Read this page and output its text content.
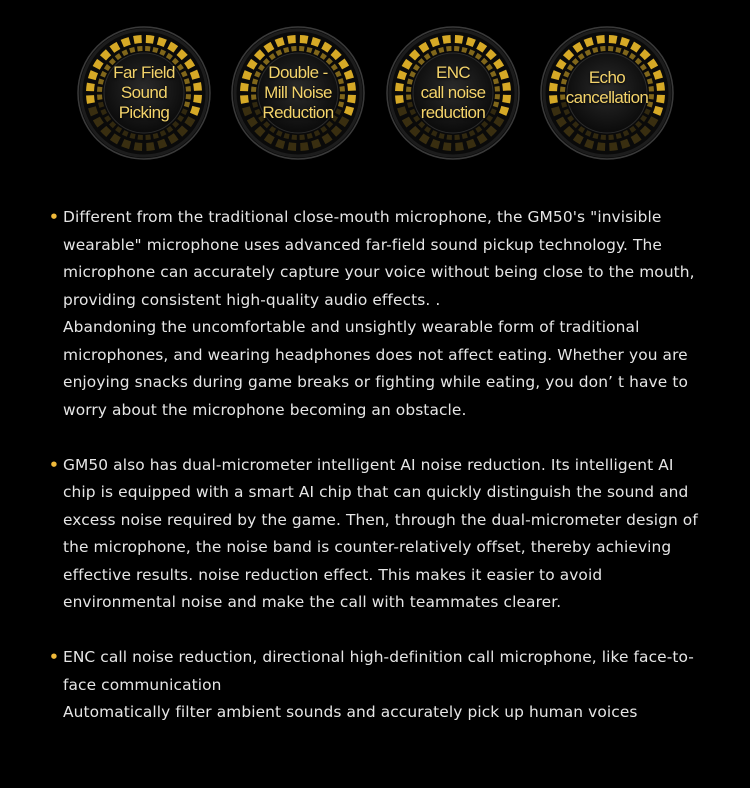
Far Field
Sound
Picking
Double -
Mill Noise
Reduction
ENC
call noise
reduction
Echo
cancellation
• Different from the traditional close-mouth microphone, the GM50's "invisible wearable" microphone uses advanced far-field sound pickup technology. The microphone can accurately capture your voice without being close to the mouth, providing consistent high-quality audio effects. .
Abandoning the uncomfortable and unsightly wearable form of traditional microphones, and wearing headphones does not affect eating. Whether you are enjoying snacks during game breaks or fighting while eating, you don’ t have to worry about the microphone becoming an obstacle.
• GM50 also has dual-micrometer intelligent AI noise reduction. Its intelligent AI chip is equipped with a smart AI chip that can quickly distinguish the sound and excess noise required by the game. Then, through the dual-micrometer design of the microphone, the noise band is counter-relatively offset, thereby achieving effective results. noise reduction effect. This makes it easier to avoid environmental noise and make the call with teammates clearer.
• ENC call noise reduction, directional high-definition call microphone, like face-to-face communication
Automatically filter ambient sounds and accurately pick up human voices
